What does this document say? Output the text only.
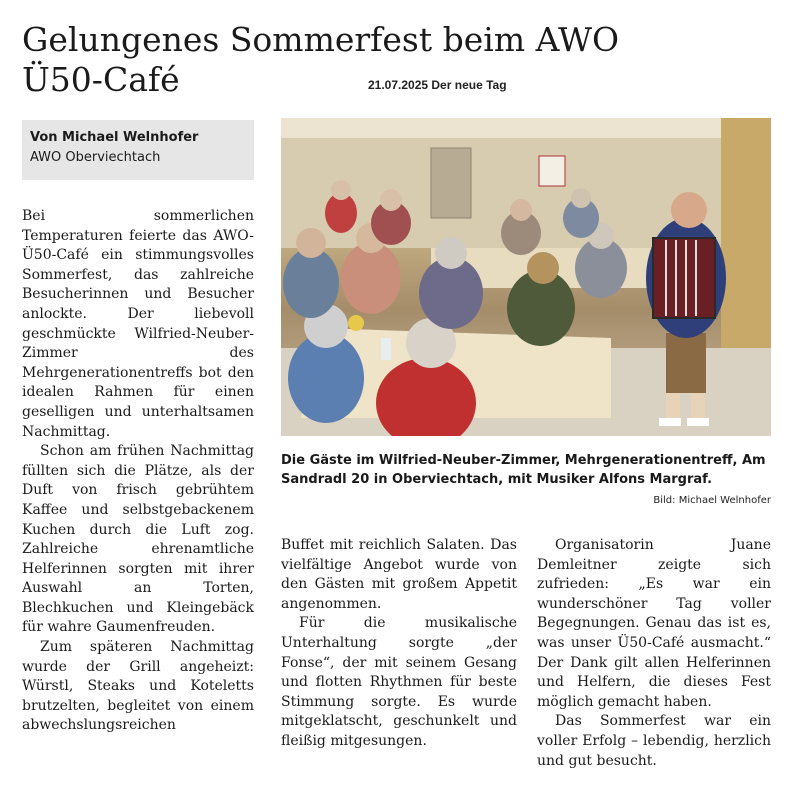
Gelungenes Sommerfest beim AWO
Ü50-Café	21.07.2025 Der neue Tag
Von Michael Welnhofer
AWO Oberviechtach

Bei sommerlichen Temperaturen feierte das AWO-Ü50-Café ein stimmungsvolles Sommerfest, das zahlreiche Besucherinnen und Besucher anlockte. Der liebevoll geschmückte Wilfried-Neuber-Zimmer des Mehrgenerationentreffs bot den idealen Rahmen für einen geselligen und unterhaltsamen Nachmittag.

Schon am frühen Nachmittag füllten sich die Plätze, als der Duft von frisch gebrühtem Kaffee und selbstgebackenem Kuchen durch die Luft zog. Zahlreiche ehrenamtliche Helferinnen sorgten mit ihrer Auswahl an Torten, Blechkuchen und Kleingebäck für wahre Gaumenfreuden.

Zum späteren Nachmittag wurde der Grill angeheizt: Würstl, Steaks und Koteletts brutzelten, begleitet von einem abwechslungsreichen

Die Gäste im Wilfried-Neuber-Zimmer, Mehrgenerationentreff, Am Sandradl 20 in Oberviechtach, mit Musiker Alfons Margraf.
Bild: Michael Welnhofer

Buffet mit reichlich Salaten. Das vielfältige Angebot wurde von den Gästen mit großem Appetit angenommen.

Für die musikalische Unterhaltung sorgte „der Fonse“, der mit seinem Gesang und flotten Rhythmen für beste Stimmung sorgte. Es wurde mitgeklatscht, geschunkelt und fleißig mitgesungen.

Organisatorin Juane Demleitner zeigte sich zufrieden: „Es war ein wunderschöner Tag voller Begegnungen. Genau das ist es, was unser Ü50-Café ausmacht.“ Der Dank gilt allen Helferinnen und Helfern, die dieses Fest möglich gemacht haben.

Das Sommerfest war ein voller Erfolg – lebendig, herzlich und gut besucht.
